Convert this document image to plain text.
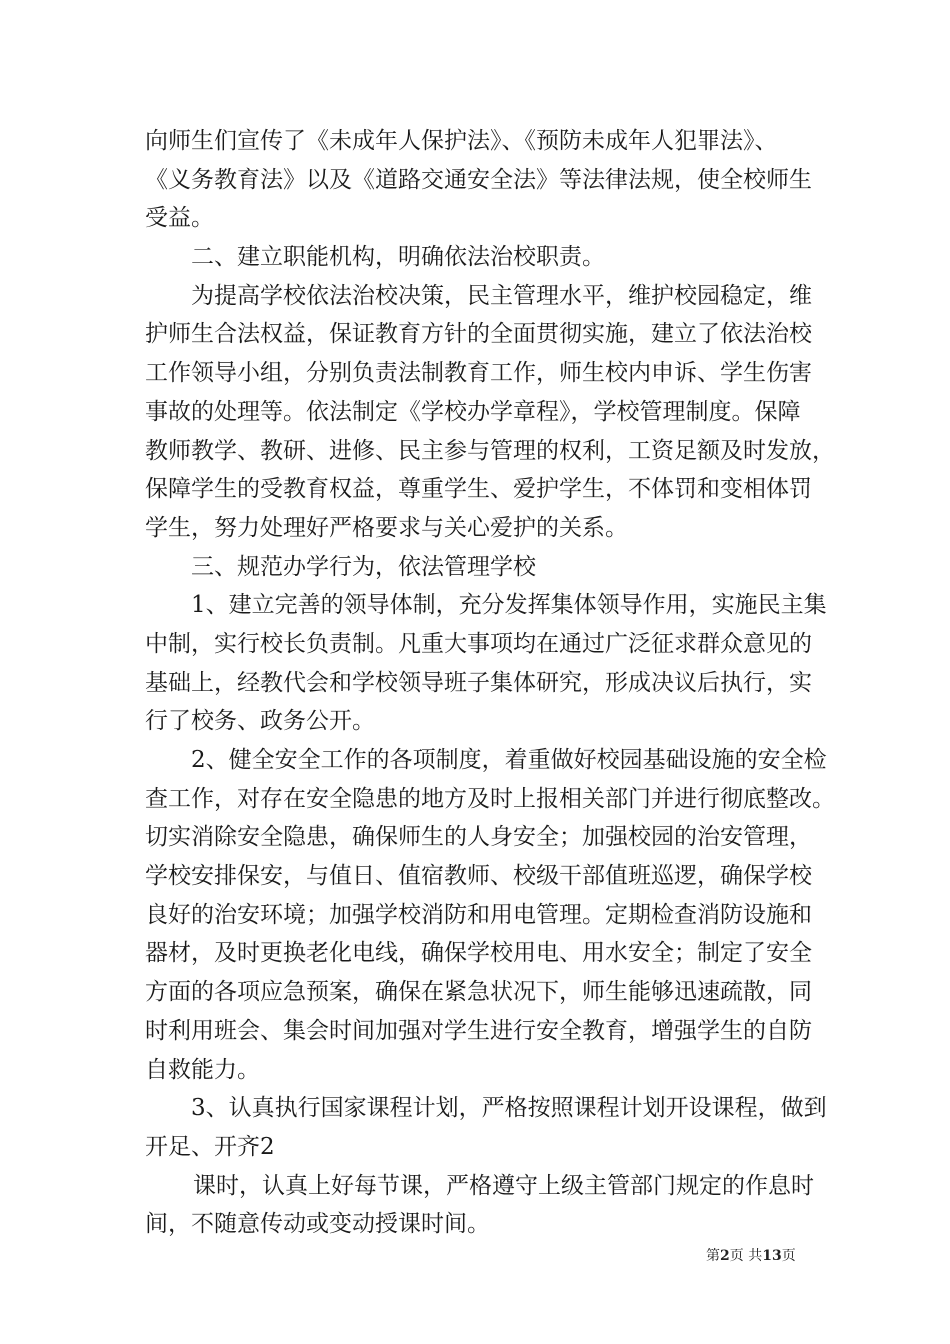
向师生们宣传了《未成年人保护法》、《预防未成年人犯罪法》、
《义务教育法》以及《道路交通安全法》等法律法规，使全校师生
受益。
二、建立职能机构，明确依法治校职责。
为提高学校依法治校决策，民主管理水平，维护校园稳定，维
护师生合法权益，保证教育方针的全面贯彻实施，建立了依法治校
工作领导小组，分别负责法制教育工作，师生校内申诉、学生伤害
事故的处理等。依法制定《学校办学章程》，学校管理制度。保障
教师教学、教研、进修、民主参与管理的权利，工资足额及时发放，
保障学生的受教育权益，尊重学生、爱护学生，不体罚和变相体罚
学生，努力处理好严格要求与关心爱护的关系。
三、规范办学行为，依法管理学校
1、建立完善的领导体制，充分发挥集体领导作用，实施民主集
中制，实行校长负责制。凡重大事项均在通过广泛征求群众意见的
基础上，经教代会和学校领导班子集体研究，形成决议后执行，实
行了校务、政务公开。
2、健全安全工作的各项制度，着重做好校园基础设施的安全检
查工作，对存在安全隐患的地方及时上报相关部门并进行彻底整改。
切实消除安全隐患，确保师生的人身安全；加强校园的治安管理，
学校安排保安，与值日、值宿教师、校级干部值班巡逻，确保学校
良好的治安环境；加强学校消防和用电管理。定期检查消防设施和
器材，及时更换老化电线，确保学校用电、用水安全；制定了安全
方面的各项应急预案，确保在紧急状况下，师生能够迅速疏散，同
时利用班会、集会时间加强对学生进行安全教育，增强学生的自防
自救能力。
3、认真执行国家课程计划，严格按照课程计划开设课程，做到
开足、开齐2
课时，认真上好每节课，严格遵守上级主管部门规定的作息时
间，不随意传动或变动授课时间。
第2页 共13页
